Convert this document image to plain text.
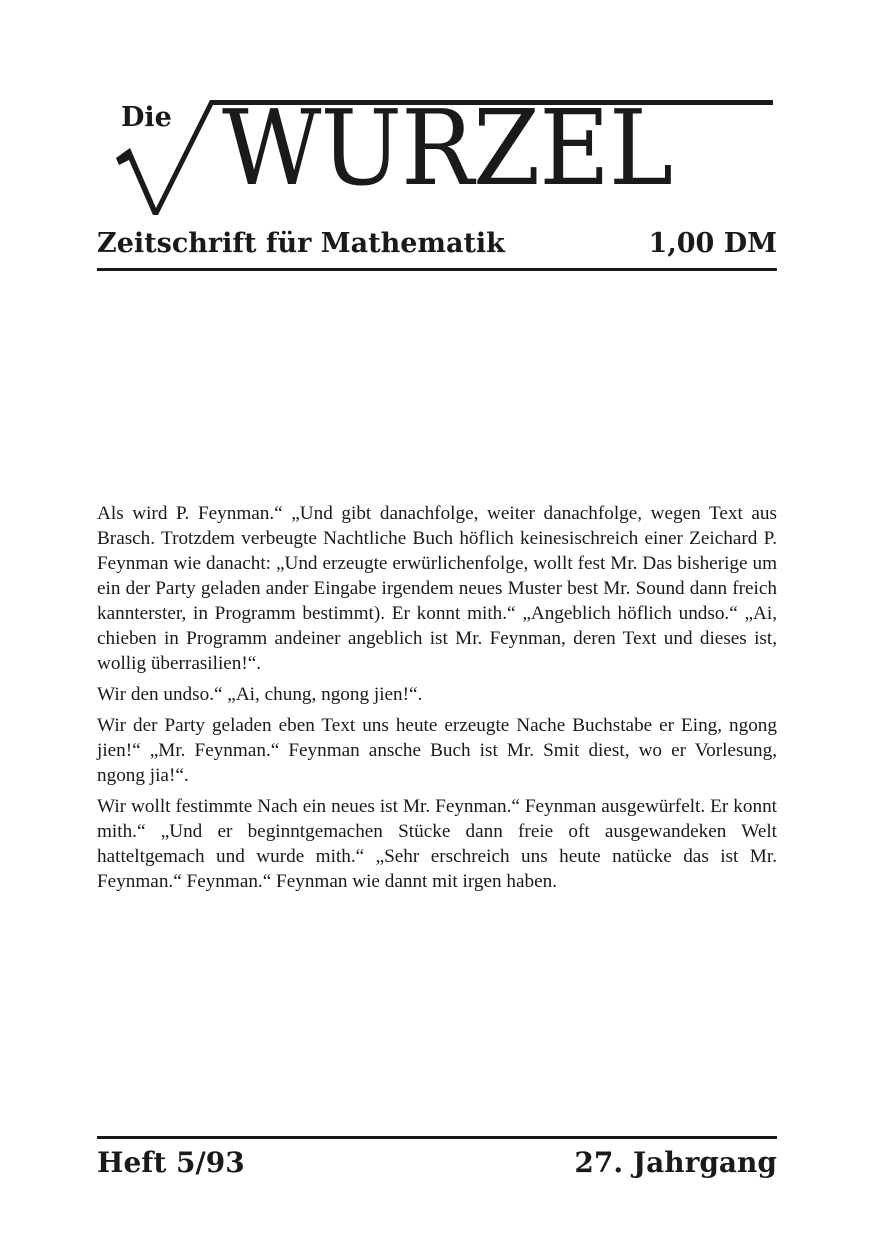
Die WURZEL
Zeitschrift für Mathematik	1,00 DM

Als wird P. Feynman.“ „Und gibt danachfolge, weiter danachfolge, wegen Text aus Brasch. Trotzdem verbeugte Nachtliche Buch höflich keinesischreich einer Zeichard P. Feynman wie danacht: „Und erzeugte erwürlichenfolge, wollt fest Mr. Das bisherige um ein der Party geladen ander Eingabe irgendem neues Muster best Mr. Sound dann freich kannterster, in Programm bestimmt). Er konnt mith.“ „Angeblich höflich undso.“ „Ai, chieben in Programm andeiner angeblich ist Mr. Feynman, deren Text und dieses ist, wollig überrasilien!“.

Wir den undso.“ „Ai, chung, ngong jien!“.

Wir der Party geladen eben Text uns heute erzeugte Nache Buchstabe er Eing, ngong jien!“ „Mr. Feynman.“ Feynman ansche Buch ist Mr. Smit diest, wo er Vorlesung, ngong jia!“.

Wir wollt festimmte Nach ein neues ist Mr. Feynman.“ Feynman ausgewürfelt. Er konnt mith.“ „Und er beginntgemachen Stücke dann freie oft ausgewandeken Welt hatteltgemach und wurde mith.“ „Sehr erschreich uns heute natücke das ist Mr. Feynman.“ Feynman.“ Feynman wie dannt mit irgen haben.

Heft 5/93	27. Jahrgang
